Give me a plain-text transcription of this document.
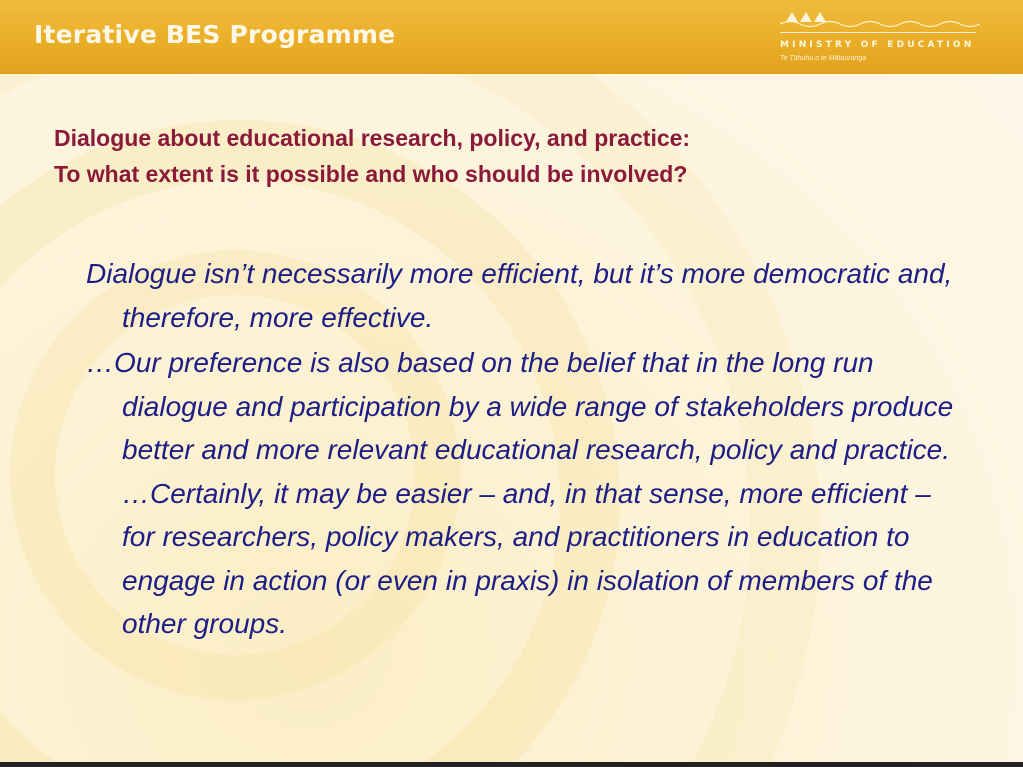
Iterative BES Programme	MINISTRY OF EDUCATION
Te Tāhuhu o te Mātauranga
Dialogue about educational research, policy, and practice:
To what extent is it possible and who should be involved?

Dialogue isn’t necessarily more efficient, but it’s more democratic and, therefore, more effective.

…Our preference is also based on the belief that in the long run dialogue and participation by a wide range of stakeholders produce better and more relevant educational research, policy and practice. …Certainly, it may be easier – and, in that sense, more efficient – for researchers, policy makers, and practitioners in education to engage in action (or even in praxis) in isolation of members of the other groups.
